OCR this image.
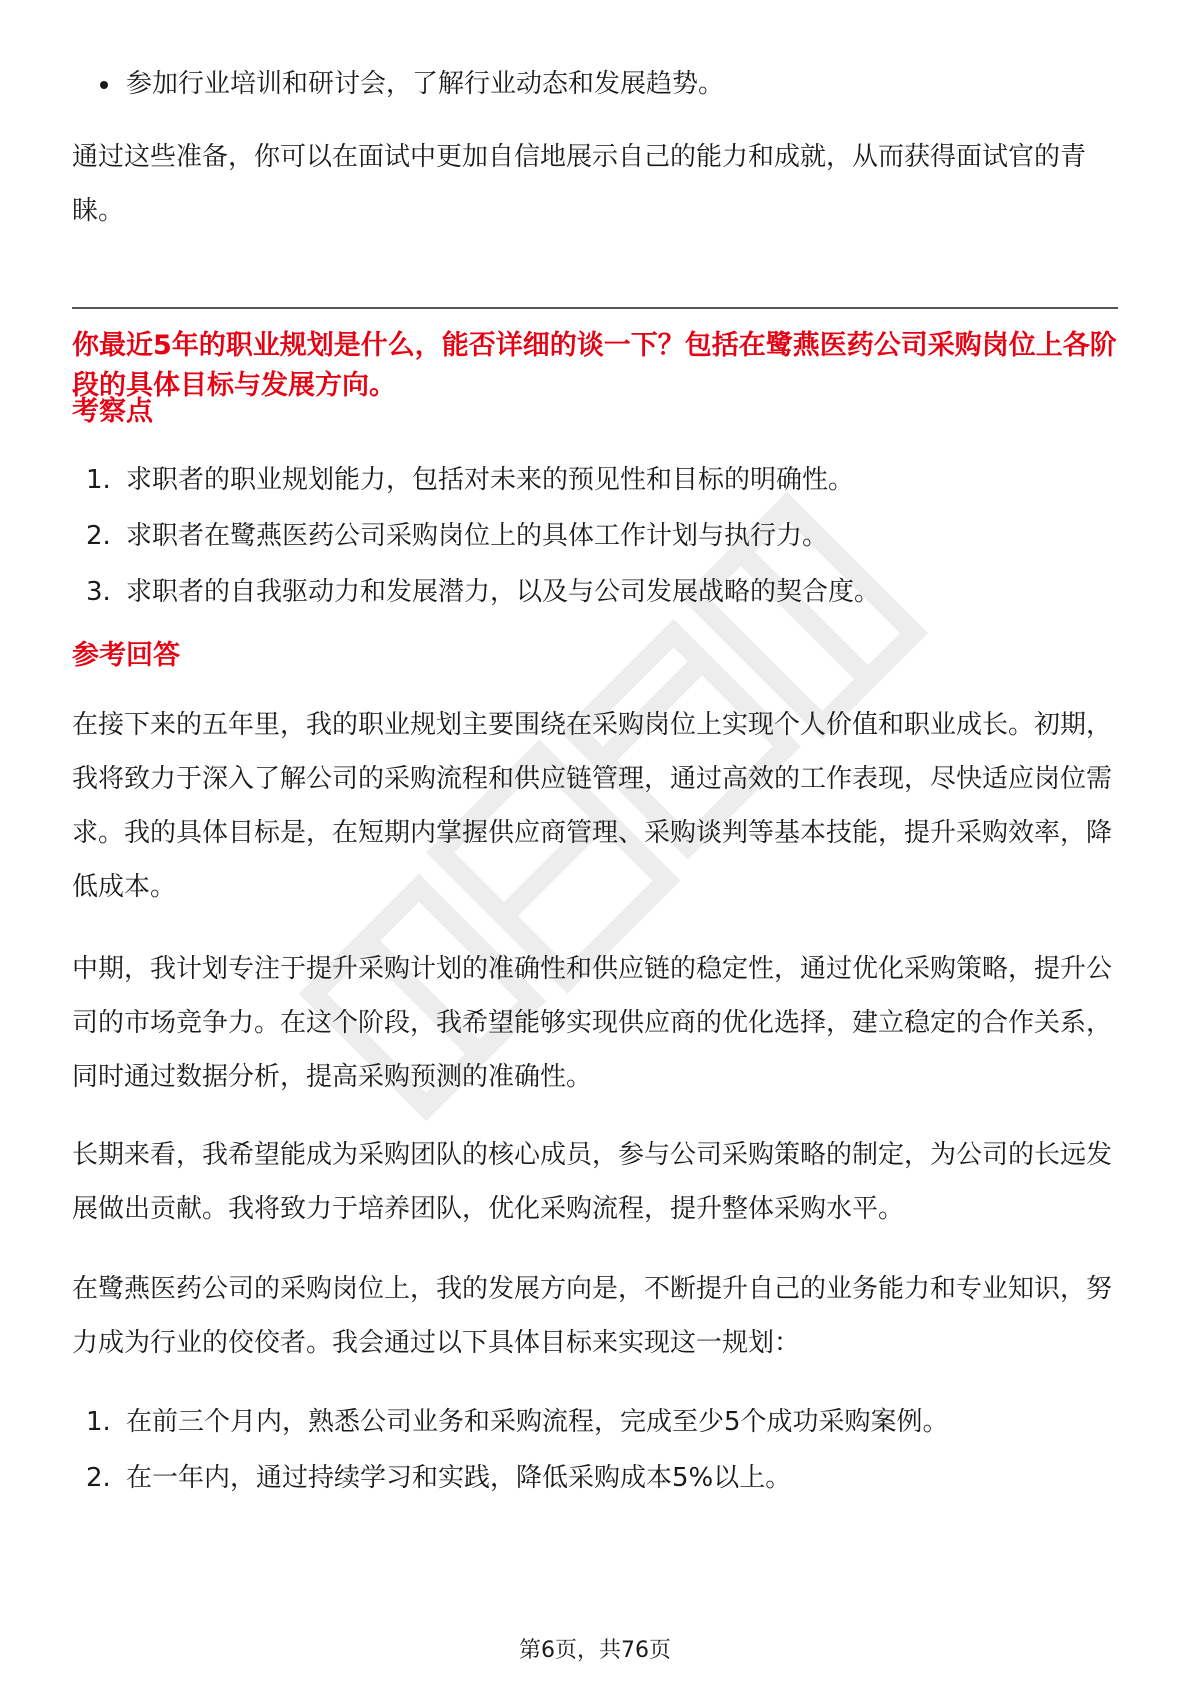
参加行业培训和研讨会，了解行业动态和发展趋势。

通过这些准备，你可以在面试中更加自信地展示自己的能力和成就，从而获得面试官的青睐。

你最近5年的职业规划是什么，能否详细的谈一下？包括在鹭燕医药公司采购岗位上各阶段的具体目标与发展方向。

考察点

1. 求职者的职业规划能力，包括对未来的预见性和目标的明确性。
2. 求职者在鹭燕医药公司采购岗位上的具体工作计划与执行力。
3. 求职者的自我驱动力和发展潜力，以及与公司发展战略的契合度。

参考回答

在接下来的五年里，我的职业规划主要围绕在采购岗位上实现个人价值和职业成长。初期，我将致力于深入了解公司的采购流程和供应链管理，通过高效的工作表现，尽快适应岗位需求。我的具体目标是，在短期内掌握供应商管理、采购谈判等基本技能，提升采购效率，降低成本。

中期，我计划专注于提升采购计划的准确性和供应链的稳定性，通过优化采购策略，提升公司的市场竞争力。在这个阶段，我希望能够实现供应商的优化选择，建立稳定的合作关系，同时通过数据分析，提高采购预测的准确性。

长期来看，我希望能成为采购团队的核心成员，参与公司采购策略的制定，为公司的长远发展做出贡献。我将致力于培养团队，优化采购流程，提升整体采购水平。

在鹭燕医药公司的采购岗位上，我的发展方向是，不断提升自己的业务能力和专业知识，努力成为行业的佼佼者。我会通过以下具体目标来实现这一规划：

1. 在前三个月内，熟悉公司业务和采购流程，完成至少5个成功采购案例。
2. 在一年内，通过持续学习和实践，降低采购成本5%以上。
第6页，共76页
